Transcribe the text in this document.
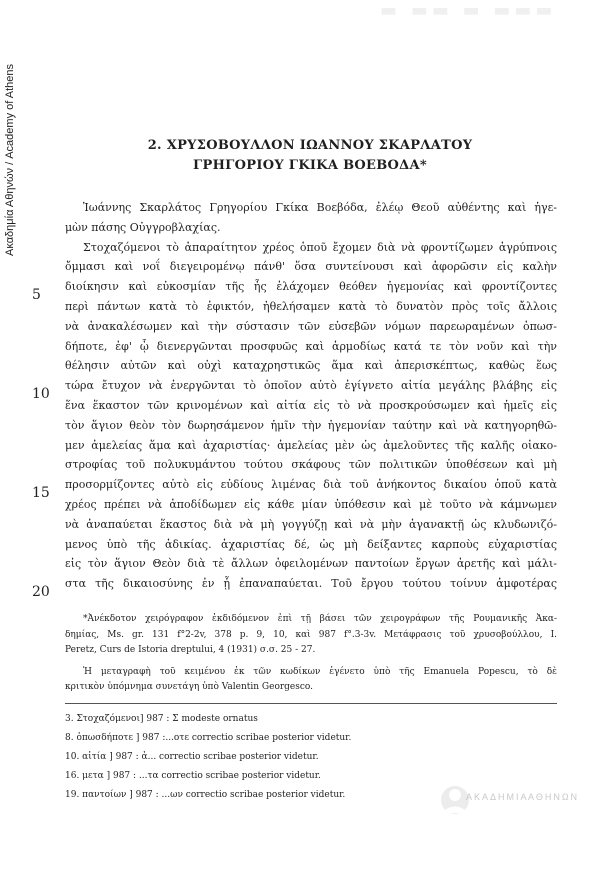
▬ ▬▬ ▬ ▬▬▬
Ακαδημία Αθηνών / Academy of Athens	2. ΧΡΥΣΟΒΟΥΛΛΟΝ ΙΩΑΝΝΟΥ ΣΚΑΡΛΑΤΟΥ
ΓΡΗΓΟΡΙΟΥ ΓΚΙΚΑ ΒΟΕΒΟΔΑ*
Ἰωάννης Σκαρλάτος Γρηγορίου Γκίκα Βοεβόδα, ἐλέῳ Θεοῦ αὐθέντης καὶ ἡγε-
μὼν πάσης Οὐγγροβλαχίας.
Στοχαζόμενοι τὸ ἀπαραίτητον χρέος ὁποῦ ἔχομεν διὰ νὰ φροντίζωμεν ἀγρύπνοις
ὄμμασι καὶ νοΐ διεγειρομένῳ πάνθ' ὅσα συντείνουσι καὶ ἀφορῶσιν εἰς καλὴν
διοίκησιν καὶ εὐκοσμίαν τῆς ἧς ἐλάχομεν θεόθεν ἡγεμονίας καὶ φροντίζοντες
περὶ πάντων κατὰ τὸ ἐφικτόν, ἠθελήσαμεν κατὰ τὸ δυνατὸν πρὸς τοῖς ἄλλοις
νὰ ἀνακαλέσωμεν καὶ τὴν σύστασιν τῶν εὐσεβῶν νόμων παρεωραμένων ὁπωσ-
δήποτε, ἐφ' ᾧ διενεργῶνται προσφυῶς καὶ ἁρμοδίως κατά τε τὸν νοῦν καὶ τὴν
θέλησιν αὐτῶν καὶ οὐχὶ καταχρηστικῶς ἅμα καὶ ἀπερισκέπτως, καθὼς ἕως
τώρα ἔτυχον νὰ ἐνεργῶνται τὸ ὁποῖον αὐτὸ ἐγίγνετο αἰτία μεγάλης βλάβης εἰς
ἕνα ἕκαστον τῶν κρινομένων καὶ αἰτία εἰς τὸ νὰ προσκρούσωμεν καὶ ἡμεῖς εἰς
τὸν ἅγιον θεὸν τὸν δωρησάμενον ἡμῖν τὴν ἡγεμονίαν ταύτην καὶ νὰ κατηγορηθῶ-
μεν ἀμελείας ἅμα καὶ ἀχαριστίας· ἀμελείας μὲν ὡς ἀμελοῦντες τῆς καλῆς οἰακο-
στροφίας τοῦ πολυκυμάντου τούτου σκάφους τῶν πολιτικῶν ὑποθέσεων καὶ μὴ
προσορμίζοντες αὐτὸ εἰς εὐδίους λιμένας διὰ τοῦ ἀνήκοντος δικαίου ὁποῦ κατὰ
χρέος πρέπει νὰ ἀποδίδωμεν εἰς κάθε μίαν ὑπόθεσιν καὶ μὲ τοῦτο νὰ κάμνωμεν
νὰ ἀναπαύεται ἕκαστος διὰ νὰ μὴ γογγύζῃ καὶ νὰ μὴν ἀγανακτῇ ὡς κλυδωνιζό-
μενος ὑπὸ τῆς ἀδικίας. ἀχαριστίας δέ, ὡς μὴ δείξαντες καρποὺς εὐχαριστίας
εἰς τὸν ἅγιον Θεὸν διὰ τὲ ἄλλων ὀφειλομένων παντοίων ἔργων ἀρετῆς καὶ μάλι-
στα τῆς δικαιοσύνης ἐν ᾗ ἐπαναπαύεται. Τοῦ ἔργου τούτου τοίνυν ἀμφοτέρας
5
10
15
20
*Ἀνέκδοτον χειρόγραφον ἐκδιδόμενον ἐπὶ τῇ βάσει τῶν χειρογράφων τῆς Ρουμανικῆς Ἀκα-
δημίας, Ms. gr. 131 f°2-2v, 378 p. 9, 10, καὶ 987 f°.3-3v. Μετάφρασις τοῦ χρυσοβούλλου, I.
Peretz, Curs de Istoria dreptului, 4 (1931) σ.σ. 25 - 27.
Ἡ μεταγραφὴ τοῦ κειμένου ἐκ τῶν κωδίκων ἐγένετο ὑπὸ τῆς Emanuela Popescu, τὸ δὲ
κριτικὸν ὑπόμνημα συνετάγη ὑπὸ Valentin Georgesco.
3. Στοχαζόμενοι] 987 : Σ modeste ornatus
8. ὁπωσδήποτε ] 987 :...οτε correctio scribae posterior videtur.
10. αἰτία ] 987 : ἀ... correctio scribae posterior videtur.
16. μετα ] 987 : ...τα correctio scribae posterior videtur.
19. παντοίων ] 987 : ...ων correctio scribae posterior videtur.	ΑΚΑΔΗΜΙΑ ΑΘΗΝΩΝ
